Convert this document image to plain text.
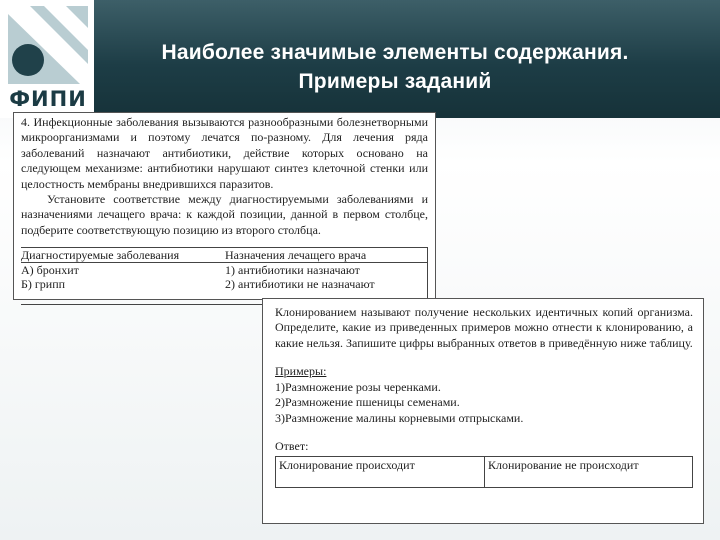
ФИПИ
Наиболее значимые элементы содержания.
Примеры заданий

4. Инфекционные заболевания вызываются разнообразными болезнетворными микроорганизмами и поэтому лечатся по-разному. Для лечения ряда заболеваний назначают антибиотики, действие которых основано на следующем механизме: антибиотики нарушают синтез клеточной стенки или целостность мембраны внедрившихся паразитов.

Установите соответствие между диагностируемыми заболеваниями и назначениями лечащего врача: к каждой позиции, данной в первом столбце, подберите соответствующую позицию из второго столбца.

Диагностируемые заболевания	Назначения лечащего врача
А) бронхит	1) антибиотики назначают
Б) грипп	2) антибиотики не назначают

Клонированием называют получение нескольких идентичных копий организма. Определите, какие из приведенных примеров можно отнести к клонированию, а какие нельзя. Запишите цифры выбранных ответов в приведённую ниже таблицу.

Примеры:

1)Размножение розы черенками.

2)Размножение пшеницы семенами.

3)Размножение малины корневыми отпрысками.

Ответ:

Клонирование происходит	Клонирование не происходит
